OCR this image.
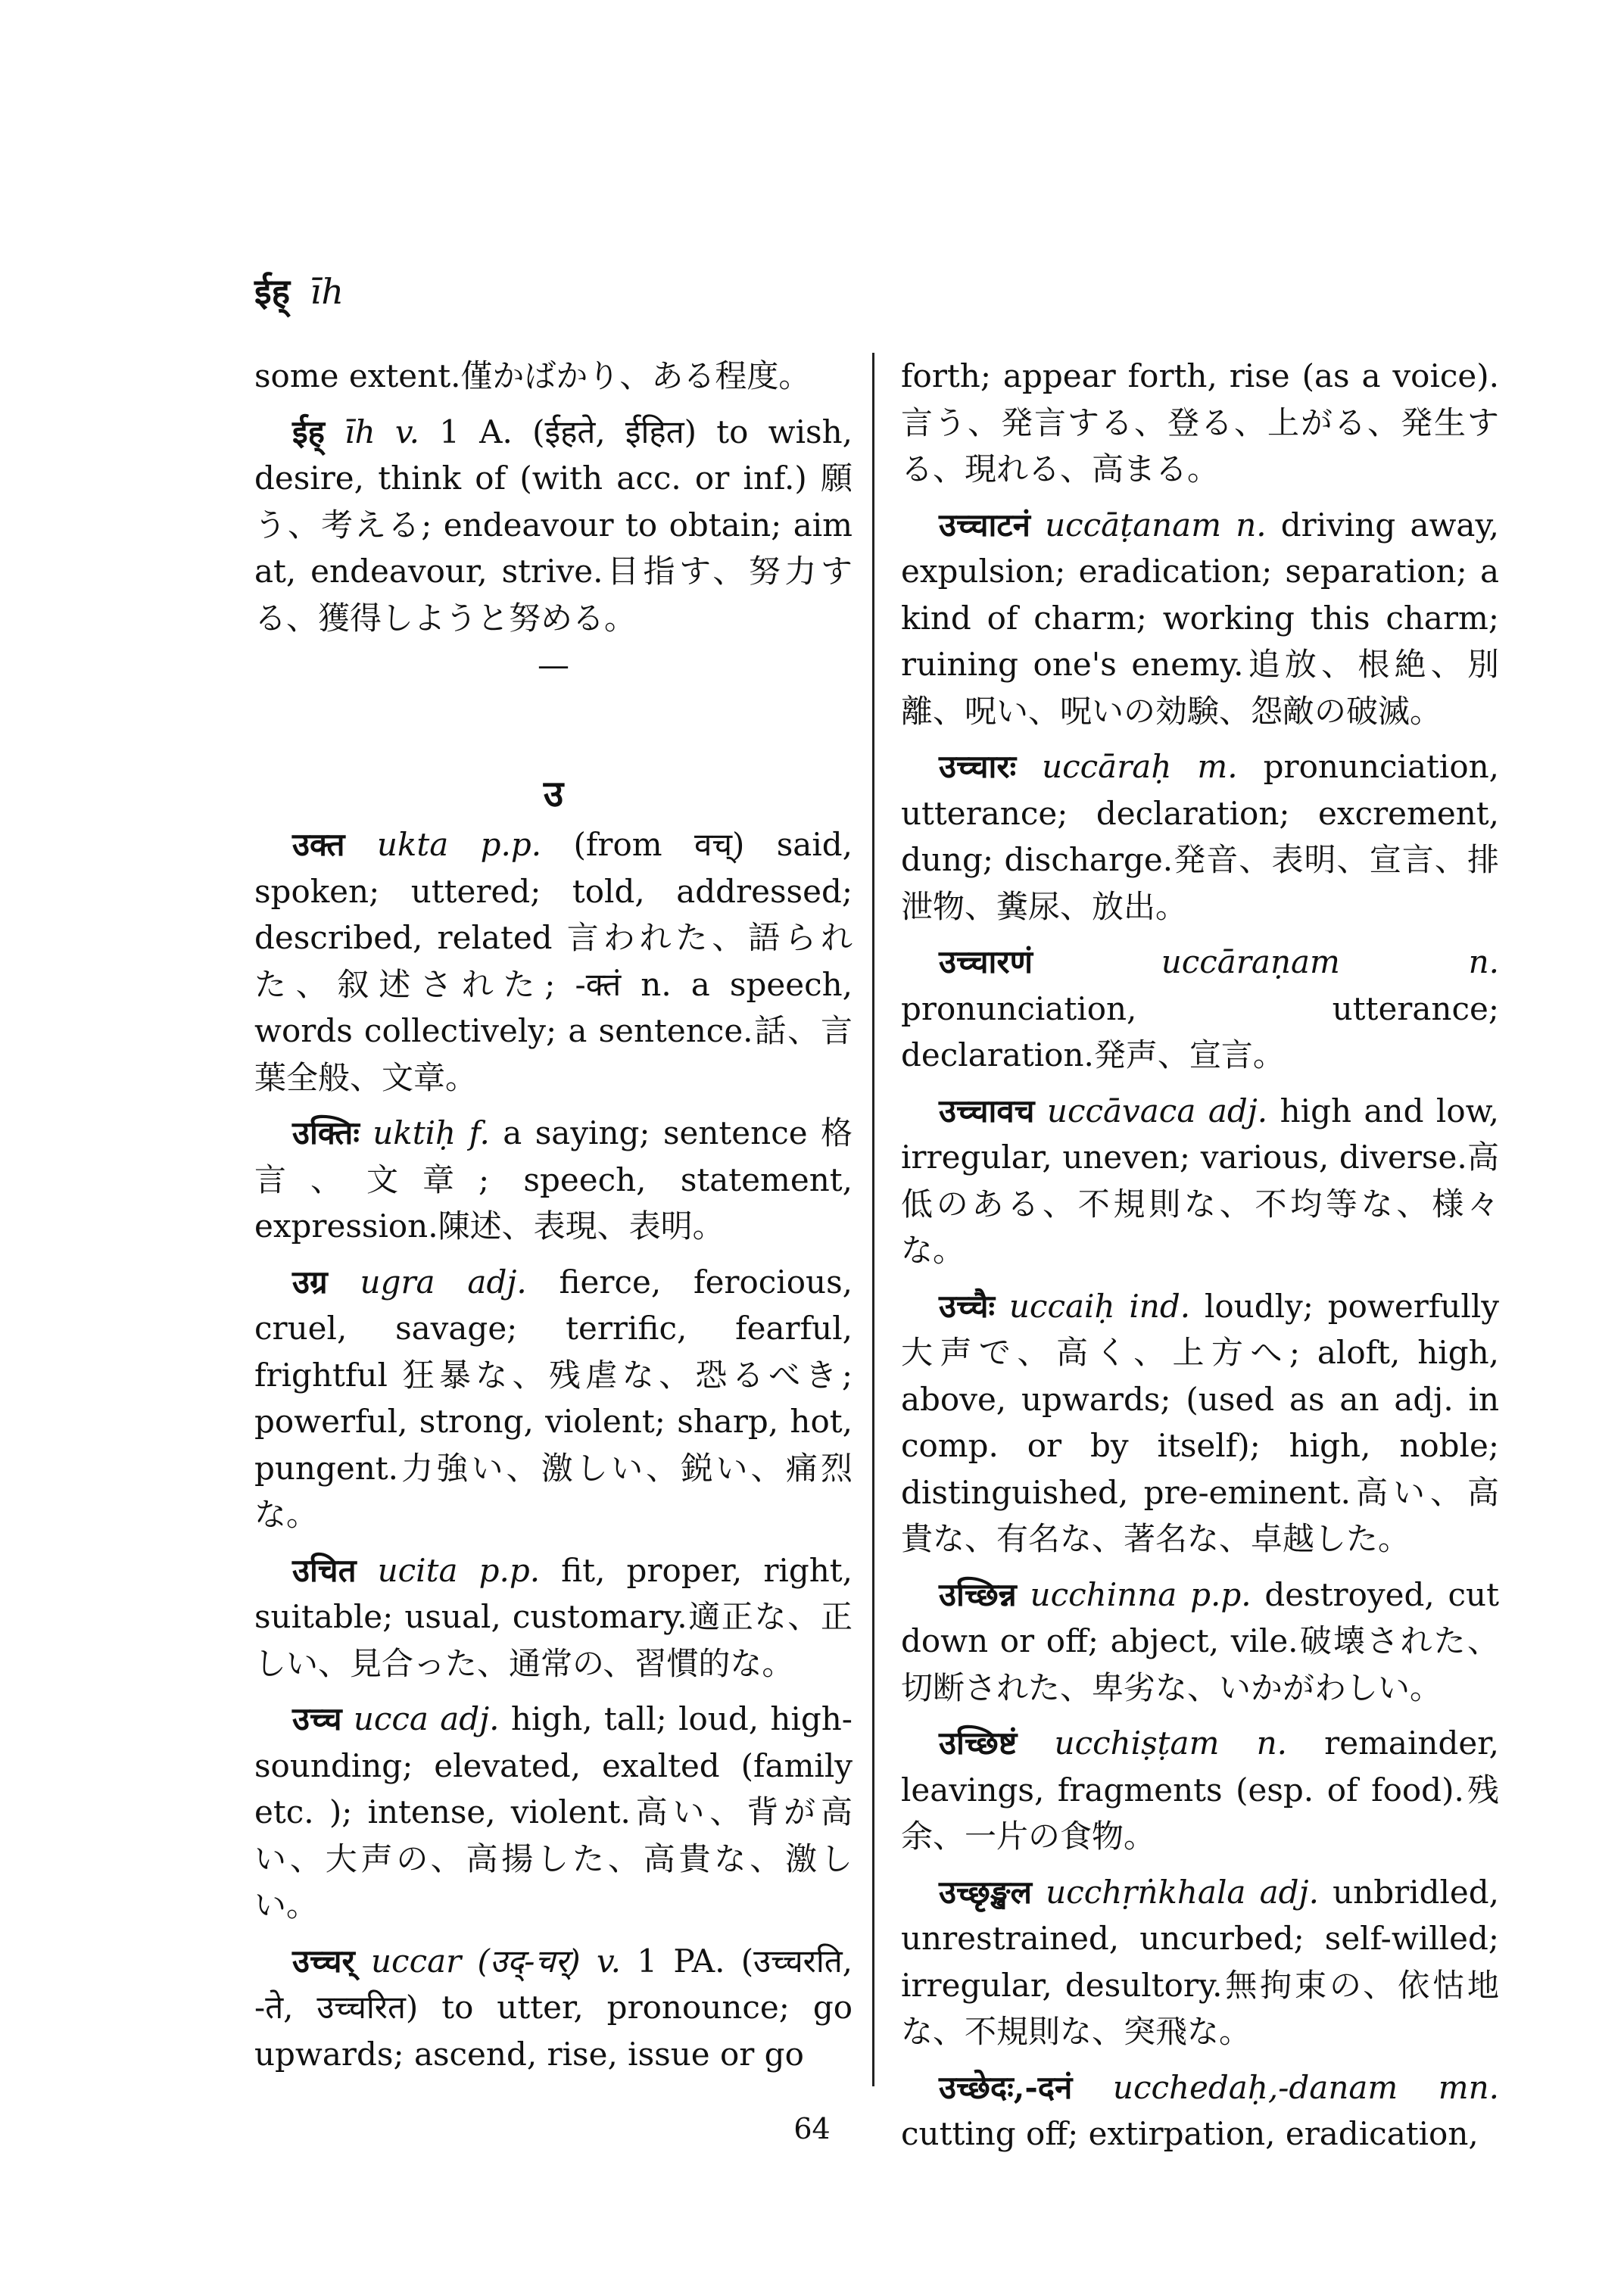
ईह् īh

some extent.僅かばかり、ある程度。

ईह् īh v. 1 A. (ईहते, ईहित) to wish, desire, think of (with acc. or inf.) 願う、考える; endeavour to obtain; aim at, endeavour, strive.目指す、努力する、獲得しようと努める。

—
उ

उक्त ukta p.p. (from वच्) said, spoken; uttered; told, addressed; described, related 言われた、語られた、叙述された; -क्तं n. a speech, words collectively; a sentence.話、言葉全般、文章。

उक्तिः uktiḥ f. a saying; sentence 格言、文章; speech, statement, expression.陳述、表現、表明。

उग्र ugra adj. fierce, ferocious, cruel, savage; terrific, fearful, frightful 狂暴な、残虐な、恐るべき; powerful, strong, violent; sharp, hot, pungent.力強い、激しい、鋭い、痛烈な。

उचित ucita p.p. fit, proper, right, suitable; usual, customary.適正な、正しい、見合った、通常の、習慣的な。

उच्च ucca adj. high, tall; loud, high-sounding; elevated, exalted (family etc. ); intense, violent.高い、背が高い、大声の、高揚した、高貴な、激しい。

उच्चर् uccar (उद्-चर्) v. 1 PA. (उच्चरति, -ते, उच्चरित) to utter, pronounce; go upwards; ascend, rise, issue or go

forth; appear forth, rise (as a voice).言う、発言する、登る、上がる、発生する、現れる、高まる。

उच्चाटनं uccāṭanam n. driving away, expulsion; eradication; separation; a kind of charm; working this charm; ruining one's enemy.追放、根絶、別離、呪い、呪いの効験、怨敵の破滅。

उच्चारः uccāraḥ m. pronunciation, utterance; declaration; excrement, dung; discharge.発音、表明、宣言、排泄物、糞尿、放出。

उच्चारणं	uccāraṇam	n. pronunciation, utterance; declaration.発声、宣言。

उच्चावच uccāvaca adj. high and low, irregular, uneven; various, diverse.高低のある、不規則な、不均等な、様々な。

उच्चैः uccaiḥ ind. loudly; powerfully 大声で、高く、上方へ; aloft, high, above, upwards; (used as an adj. in comp. or by itself); high, noble; distinguished, pre-eminent.高い、高貴な、有名な、著名な、卓越した。

उच्छिन्न ucchinna p.p. destroyed, cut down or off; abject, vile.破壊された、切断された、卑劣な、いかがわしい。

उच्छिष्टं ucchiṣṭam n. remainder, leavings, fragments (esp. of food).残余、一片の食物。

उच्छृङ्खल ucchṛṅkhala adj. unbridled, unrestrained, uncurbed; self-willed; irregular, desultory.無拘束の、依怙地な、不規則な、突飛な。

उच्छेदः,-दनं ucchedaḥ,-danam mn. cutting off; extirpation, eradication,

64
